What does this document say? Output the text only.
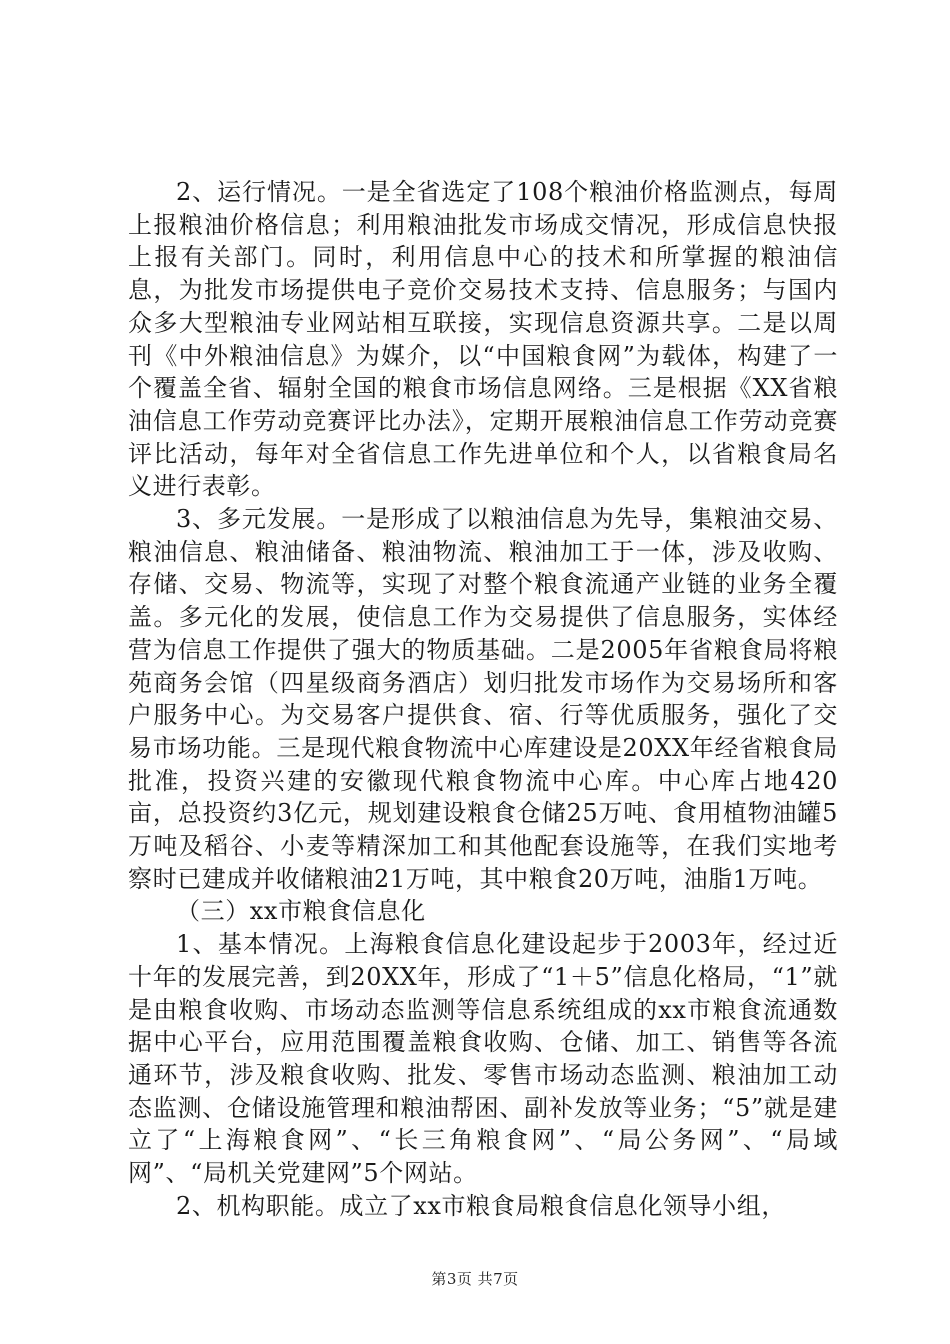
2、运行情况。一是全省选定了108个粮油价格监测点，每周上报粮油价格信息；利用粮油批发市场成交情况，形成信息快报上报有关部门。同时，利用信息中心的技术和所掌握的粮油信息，为批发市场提供电子竞价交易技术支持、信息服务；与国内众多大型粮油专业网站相互联接，实现信息资源共享。二是以周刊《中外粮油信息》为媒介，以“中国粮食网”为载体，构建了一个覆盖全省、辐射全国的粮食市场信息网络。三是根据《XX省粮油信息工作劳动竞赛评比办法》，定期开展粮油信息工作劳动竞赛评比活动，每年对全省信息工作先进单位和个人，以省粮食局名义进行表彰。

3、多元发展。一是形成了以粮油信息为先导，集粮油交易、粮油信息、粮油储备、粮油物流、粮油加工于一体，涉及收购、存储、交易、物流等，实现了对整个粮食流通产业链的业务全覆盖。多元化的发展，使信息工作为交易提供了信息服务，实体经营为信息工作提供了强大的物质基础。二是2005年省粮食局将粮苑商务会馆（四星级商务酒店）划归批发市场作为交易场所和客户服务中心。为交易客户提供食、宿、行等优质服务，强化了交易市场功能。三是现代粮食物流中心库建设是20XX年经省粮食局批准，投资兴建的安徽现代粮食物流中心库。中心库占地420亩，总投资约3亿元，规划建设粮食仓储25万吨、食用植物油罐5万吨及稻谷、小麦等精深加工和其他配套设施等，在我们实地考察时已建成并收储粮油21万吨，其中粮食20万吨，油脂1万吨。

（三）xx市粮食信息化

1、基本情况。上海粮食信息化建设起步于2003年，经过近十年的发展完善，到20XX年，形成了“1＋5”信息化格局，“1”就是由粮食收购、市场动态监测等信息系统组成的xx市粮食流通数据中心平台，应用范围覆盖粮食收购、仓储、加工、销售等各流通环节，涉及粮食收购、批发、零售市场动态监测、粮油加工动态监测、仓储设施管理和粮油帮困、副补发放等业务；“5”就是建立了“上海粮食网”、“长三角粮食网”、“局公务网”、“局域网”、“局机关党建网”5个网站。

2、机构职能。成立了xx市粮食局粮食信息化领导小组，

第3页 共7页
